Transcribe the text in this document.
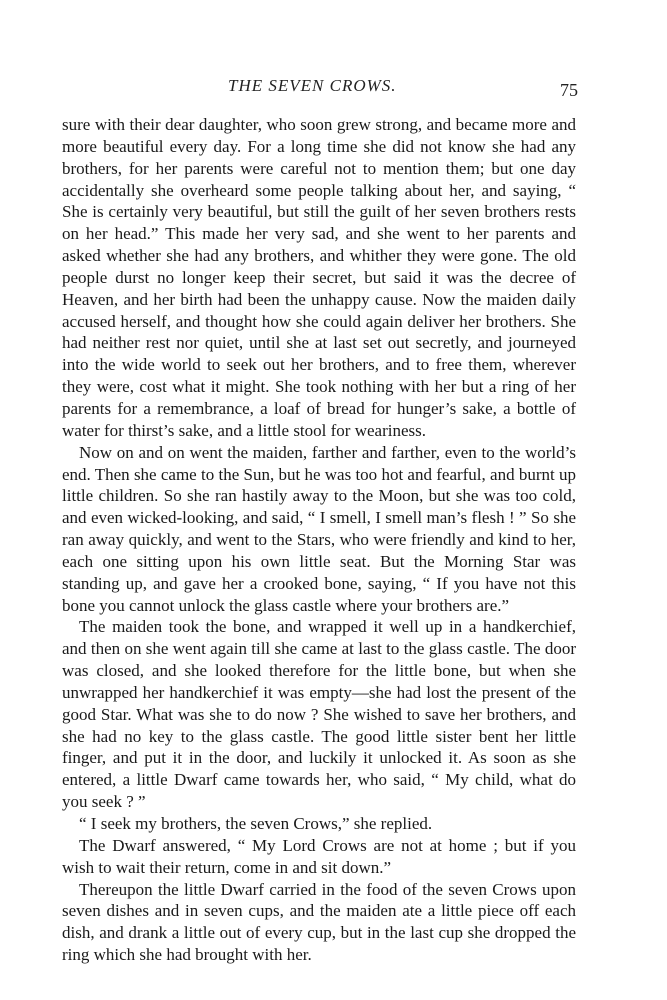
THE SEVEN CROWS.	75

sure with their dear daughter, who soon grew strong, and became more and more beautiful every day. For a long time she did not know she had any brothers, for her parents were careful not to mention them; but one day accidentally she overheard some people talking about her, and saying, “ She is certainly very beautiful, but still the guilt of her seven brothers rests on her head.” This made her very sad, and she went to her parents and asked whether she had any brothers, and whither they were gone. The old people durst no longer keep their secret, but said it was the decree of Heaven, and her birth had been the unhappy cause. Now the maiden daily accused herself, and thought how she could again deliver her brothers. She had neither rest nor quiet, until she at last set out secretly, and journeyed into the wide world to seek out her brothers, and to free them, wherever they were, cost what it might. She took nothing with her but a ring of her parents for a remembrance, a loaf of bread for hunger’s sake, a bottle of water for thirst’s sake, and a little stool for weariness.

Now on and on went the maiden, farther and farther, even to the world’s end. Then she came to the Sun, but he was too hot and fearful, and burnt up little children. So she ran hastily away to the Moon, but she was too cold, and even wicked-looking, and said, “ I smell, I smell man’s flesh ! ” So she ran away quickly, and went to the Stars, who were friendly and kind to her, each one sitting upon his own little seat. But the Morning Star was standing up, and gave her a crooked bone, saying, “ If you have not this bone you cannot unlock the glass castle where your brothers are.”

The maiden took the bone, and wrapped it well up in a handkerchief, and then on she went again till she came at last to the glass castle. The door was closed, and she looked therefore for the little bone, but when she unwrapped her handkerchief it was empty—she had lost the present of the good Star. What was she to do now ? She wished to save her brothers, and she had no key to the glass castle. The good little sister bent her little finger, and put it in the door, and luckily it unlocked it. As soon as she entered, a little Dwarf came towards her, who said, “ My child, what do you seek ? ”

“ I seek my brothers, the seven Crows,” she replied.

The Dwarf answered, “ My Lord Crows are not at home ; but if you wish to wait their return, come in and sit down.”

Thereupon the little Dwarf carried in the food of the seven Crows upon seven dishes and in seven cups, and the maiden ate a little piece off each dish, and drank a little out of every cup, but in the last cup she dropped the ring which she had brought with her.
